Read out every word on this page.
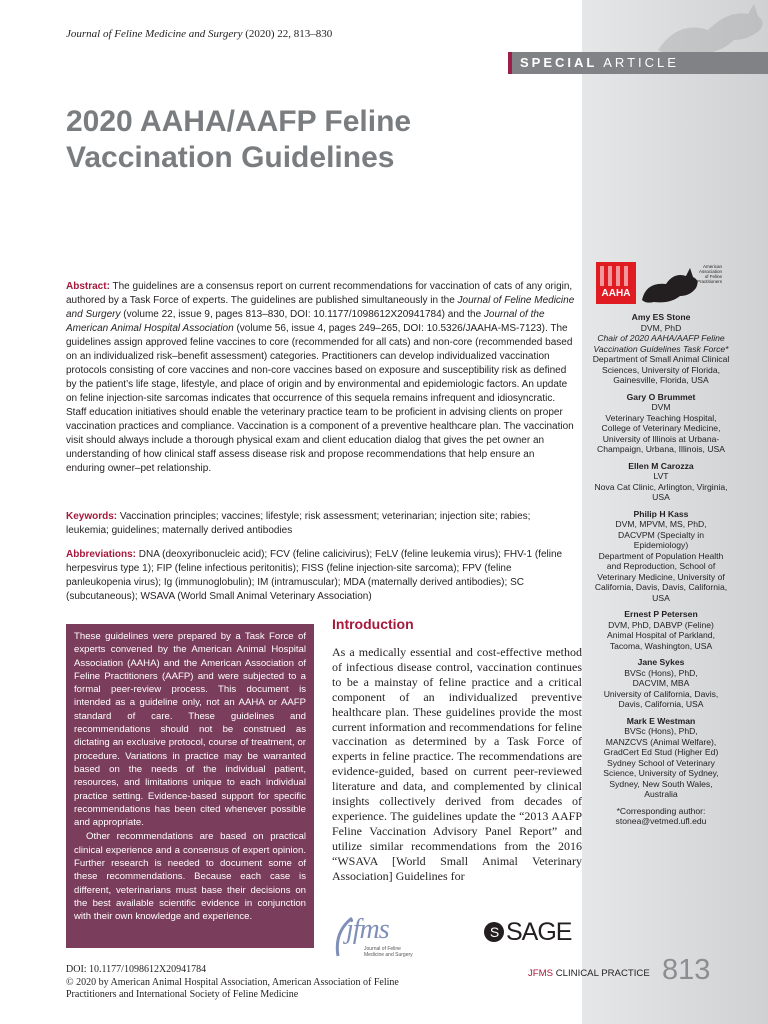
Journal of Feline Medicine and Surgery (2020) 22, 813–830
SPECIAL ARTICLE
2020 AAHA/AAFP Feline
Vaccination Guidelines

Abstract: The guidelines are a consensus report on current recommendations for vaccination of cats of any origin, authored by a Task Force of experts. The guidelines are published simultaneously in the Journal of Feline Medicine and Surgery (volume 22, issue 9, pages 813–830, DOI: 10.1177/1098612X20941784) and the Journal of the American Animal Hospital Association (volume 56, issue 4, pages 249–265, DOI: 10.5326/JAAHA-MS-7123). The guidelines assign approved feline vaccines to core (recommended for all cats) and non-core (recommended based on an individualized risk–benefit assessment) categories. Practitioners can develop individualized vaccination protocols consisting of core vaccines and non-core vaccines based on exposure and susceptibility risk as defined by the patient’s life stage, lifestyle, and place of origin and by environmental and epidemiologic factors. An update on feline injection-site sarcomas indicates that occurrence of this sequela remains infrequent and idiosyncratic. Staff education initiatives should enable the veterinary practice team to be proficient in advising clients on proper vaccination practices and compliance. Vaccination is a component of a preventive healthcare plan. The vaccination visit should always include a thorough physical exam and client education dialog that gives the pet owner an understanding of how clinical staff assess disease risk and propose recommendations that help ensure an enduring owner–pet relationship.

Keywords: Vaccination principles; vaccines; lifestyle; risk assessment; veterinarian; injection site; rabies; leukemia; guidelines; maternally derived antibodies

Abbreviations: DNA (deoxyribonucleic acid); FCV (feline calicivirus); FeLV (feline leukemia virus); FHV-1 (feline herpesvirus type 1); FIP (feline infectious peritonitis); FISS (feline injection-site sarcoma); FPV (feline panleukopenia virus); Ig (immunoglobulin); IM (intramuscular); MDA (maternally derived antibodies); SC (subcutaneous); WSAVA (World Small Animal Veterinary Association)

These guidelines were prepared by a Task Force of experts convened by the American Animal Hospital Association (AAHA) and the American Association of Feline Practitioners (AAFP) and were subjected to a formal peer-review process. This document is intended as a guideline only, not an AAHA or AAFP standard of care. These guidelines and recommendations should not be construed as dictating an exclusive protocol, course of treatment, or procedure. Variations in practice may be warranted based on the needs of the individual patient, resources, and limitations unique to each individual practice setting. Evidence-based support for specific recommendations has been cited whenever possible and appropriate.

Other recommendations are based on practical clinical experience and a consensus of expert opinion. Further research is needed to document some of these recommendations. Because each case is different, veterinarians must base their decisions on the best available scientific evidence in conjunction with their own knowledge and experience.

Introduction

As a medically essential and cost-effective method of infectious disease control, vaccination continues to be a mainstay of feline practice and a critical component of an individualized preventive healthcare plan. These guidelines provide the most current information and recommendations for feline vaccination as determined by a Task Force of experts in feline practice. The recommendations are evidence-guided, based on current peer-reviewed literature and data, and complemented by clinical insights collectively derived from decades of experience. The guidelines update the “2013 AAFP Feline Vaccination Advisory Panel Report” and utilize similar recommendations from the 2016 “WSAVA [World Small Animal Veterinary Association] Guidelines for

AAHA
American
Association
of Feline
Practitioners
Amy ES Stone
DVM, PhD
Chair of 2020 AAHA/AAFP Feline Vaccination Guidelines Task Force*
Department of Small Animal Clinical Sciences, University of Florida, Gainesville, Florida, USA
Gary O Brummet
DVM
Veterinary Teaching Hospital, College of Veterinary Medicine, University of Illinois at Urbana-Champaign, Urbana, Illinois, USA
Ellen M Carozza
LVT
Nova Cat Clinic, Arlington, Virginia, USA
Philip H Kass
DVM, MPVM, MS, PhD,
DACVPM (Specialty in Epidemiology)
Department of Population Health and Reproduction, School of Veterinary Medicine, University of California, Davis, Davis, California, USA
Ernest P Petersen
DVM, PhD, DABVP (Feline)
Animal Hospital of Parkland, Tacoma, Washington, USA
Jane Sykes
BVSc (Hons), PhD,
DACVIM, MBA
University of California, Davis, Davis, California, USA
Mark E Westman
BVSc (Hons), PhD,
MANZCVS (Animal Welfare), GradCert Ed Stud (Higher Ed)
Sydney School of Veterinary Science, University of Sydney, Sydney, New South Wales, Australia
*Corresponding author:
stonea@vetmed.ufl.edu
jfms
Journal of Feline
Medicine and Surgery
S SAGE
DOI: 10.1177/1098612X20941784
© 2020 by American Animal Hospital Association, American Association of Feline Practitioners and International Society of Feline Medicine
JFMS CLINICAL PRACTICE 813
